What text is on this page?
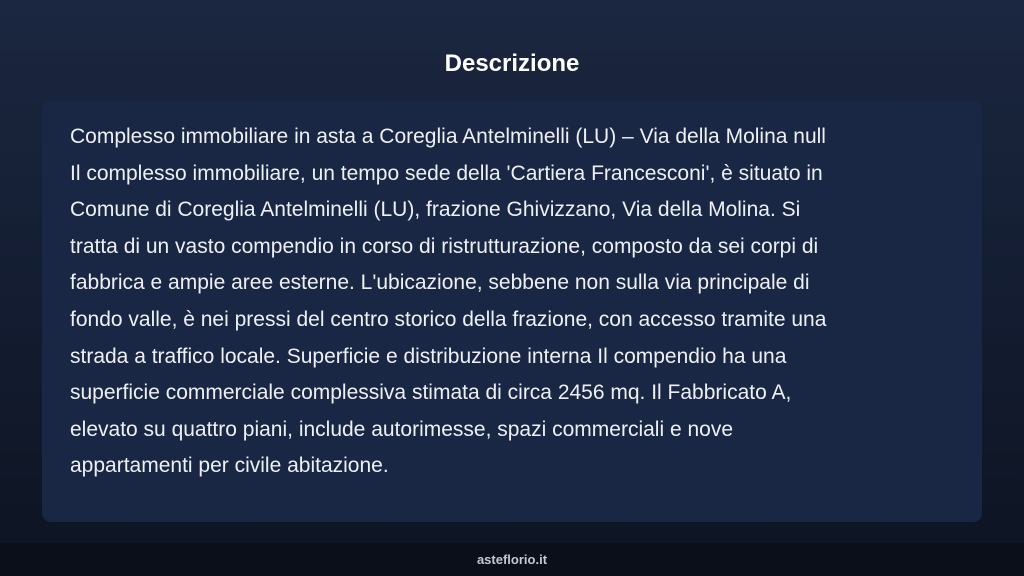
Descrizione

Complesso immobiliare in asta a Coreglia Antelminelli (LU) – Via della Molina null
Il complesso immobiliare, un tempo sede della 'Cartiera Francesconi', è situato in
Comune di Coreglia Antelminelli (LU), frazione Ghivizzano, Via della Molina. Si
tratta di un vasto compendio in corso di ristrutturazione, composto da sei corpi di
fabbrica e ampie aree esterne. L'ubicazione, sebbene non sulla via principale di
fondo valle, è nei pressi del centro storico della frazione, con accesso tramite una
strada a traffico locale. Superficie e distribuzione interna Il compendio ha una
superficie commerciale complessiva stimata di circa 2456 mq. Il Fabbricato A,
elevato su quattro piani, include autorimesse, spazi commerciali e nove
appartamenti per civile abitazione.

asteflorio.it
